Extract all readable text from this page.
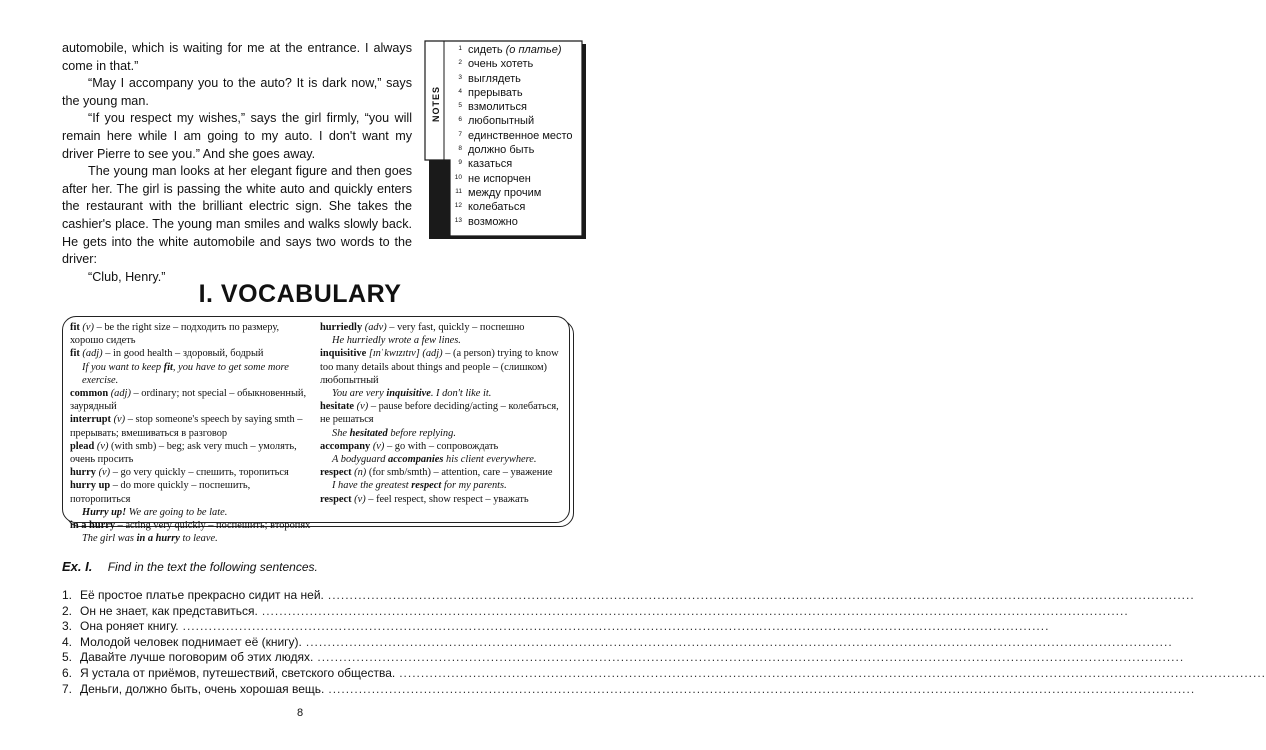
automobile, which is waiting for me at the entrance. I always come in that.”

“May I accompany you to the auto? It is dark now,” says the young man.

“If you respect my wishes,” says the girl firmly, “you will remain here while I am going to my auto. I don't want my driver Pierre to see you.” And she goes away.

The young man looks at her elegant figure and then goes after her. The girl is passing the white auto and quickly enters the restaurant with the brilliant electric sign. She takes the cashier's place. The young man smiles and walks slowly back. He gets into the white automobile and says two words to the driver:

“Club, Henry.”

1 сидеть (о платье)
2 очень хотеть
3 выглядеть
4 прерывать
5 взмолиться
6 любопытный
7 единственное место
8 должно быть
9 казаться
10 не испорчен
11 между прочим
12 колебаться
13 возможно
I. VOCABULARY

fit (v) – be the right size – подходить по размеру, хорошо сидеть

fit (adj) – in good health – здоровый, бодрый

If you want to keep fit, you have to get some more exercise.

common (adj) – ordinary; not special – обыкновенный, заурядный

interrupt (v) – stop someone's speech by saying smth – прерывать; вмешиваться в разговор

plead (v) (with smb) – beg; ask very much – умолять, очень просить

hurry (v) – go very quickly – спешить, торопиться

hurry up – do more quickly – поспешить, поторопиться

Hurry up! We are going to be late.

in a hurry – acting very quickly – поспешить; второпях

The girl was in a hurry to leave.

hurriedly (adv) – very fast, quickly – поспешно

He hurriedly wrote a few lines.

inquisitive [ɪnˈkwɪzɪtɪv] (adj) – (a person) trying to know too many details about things and people – (слишком) любопытный

You are very inquisitive. I don't like it.

hesitate (v) – pause before deciding/acting – колебаться, не решаться

She hesitated before replying.

accompany (v) – go with – сопровождать

A bodyguard accompanies his client everywhere.

respect (n) (for smb/smth) – attention, care – уважение

I have the greatest respect for my parents.

respect (v) – feel respect, show respect – уважать

Ex. I. Find in the text the following sentences.
1. Её простое платье прекрасно сидит на ней. ........................................................................................................................................................................................................
2. Он не знает, как представиться. ........................................................................................................................................................................................................
3. Она роняет книгу. ........................................................................................................................................................................................................
4. Молодой человек поднимает её (книгу). ........................................................................................................................................................................................................
5. Давайте лучше поговорим об этих людях. ........................................................................................................................................................................................................
6. Я устала от приёмов, путешествий, светского общества. ........................................................................................................................................................................................................
7. Деньги, должно быть, очень хорошая вещь. ........................................................................................................................................................................................................
8
